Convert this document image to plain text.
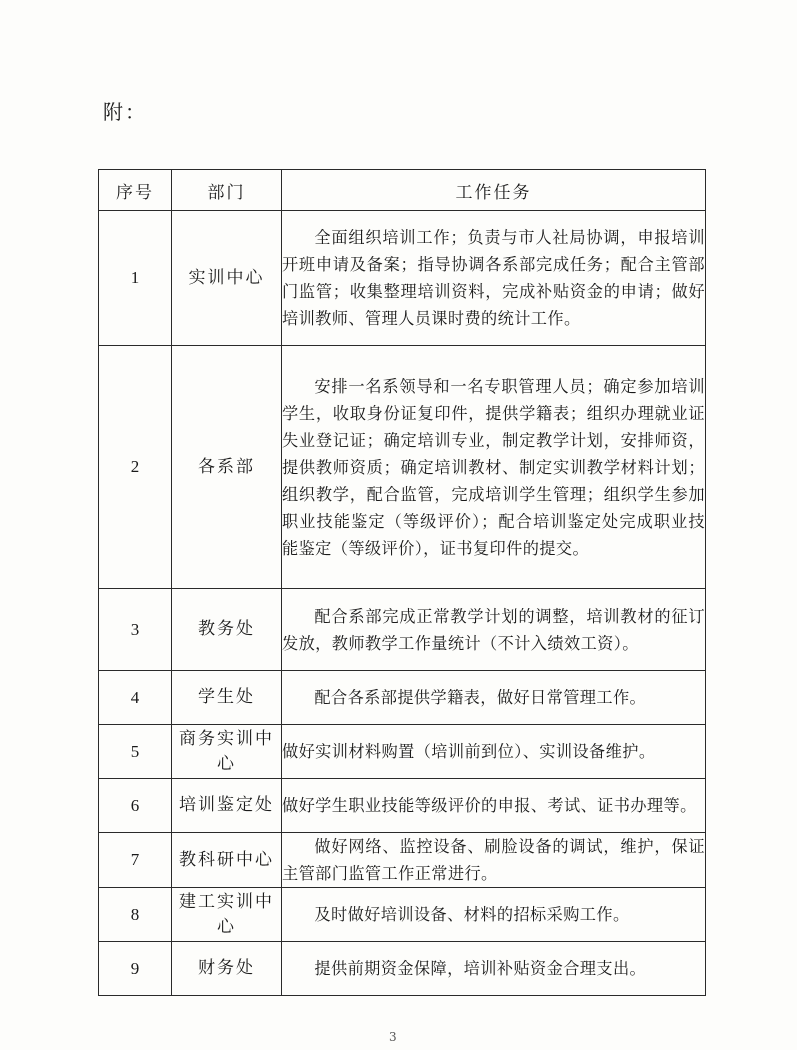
附：
序号	部门	工作任务
1	实训中心	全面组织培训工作；负责与市人社局协调，申报培训开班申请及备案；指导协调各系部完成任务；配合主管部门监管；收集整理培训资料，完成补贴资金的申请；做好培训教师、管理人员课时费的统计工作。
2	各系部	安排一名系领导和一名专职管理人员；确定参加培训学生，收取身份证复印件，提供学籍表；组织办理就业证失业登记证；确定培训专业，制定教学计划，安排师资，提供教师资质；确定培训教材、制定实训教学材料计划；组织教学，配合监管，完成培训学生管理；组织学生参加职业技能鉴定（等级评价）；配合培训鉴定处完成职业技能鉴定（等级评价），证书复印件的提交。
3	教务处	配合系部完成正常教学计划的调整，培训教材的征订发放，教师教学工作量统计（不计入绩效工资）。
4	学生处	配合各系部提供学籍表，做好日常管理工作。
5	商务实训中心	做好实训材料购置（培训前到位）、实训设备维护。
6	培训鉴定处	做好学生职业技能等级评价的申报、考试、证书办理等。
7	教科研中心	做好网络、监控设备、刷脸设备的调试，维护，保证主管部门监管工作正常进行。
8	建工实训中心	及时做好培训设备、材料的招标采购工作。
9	财务处	提供前期资金保障，培训补贴资金合理支出。
3
